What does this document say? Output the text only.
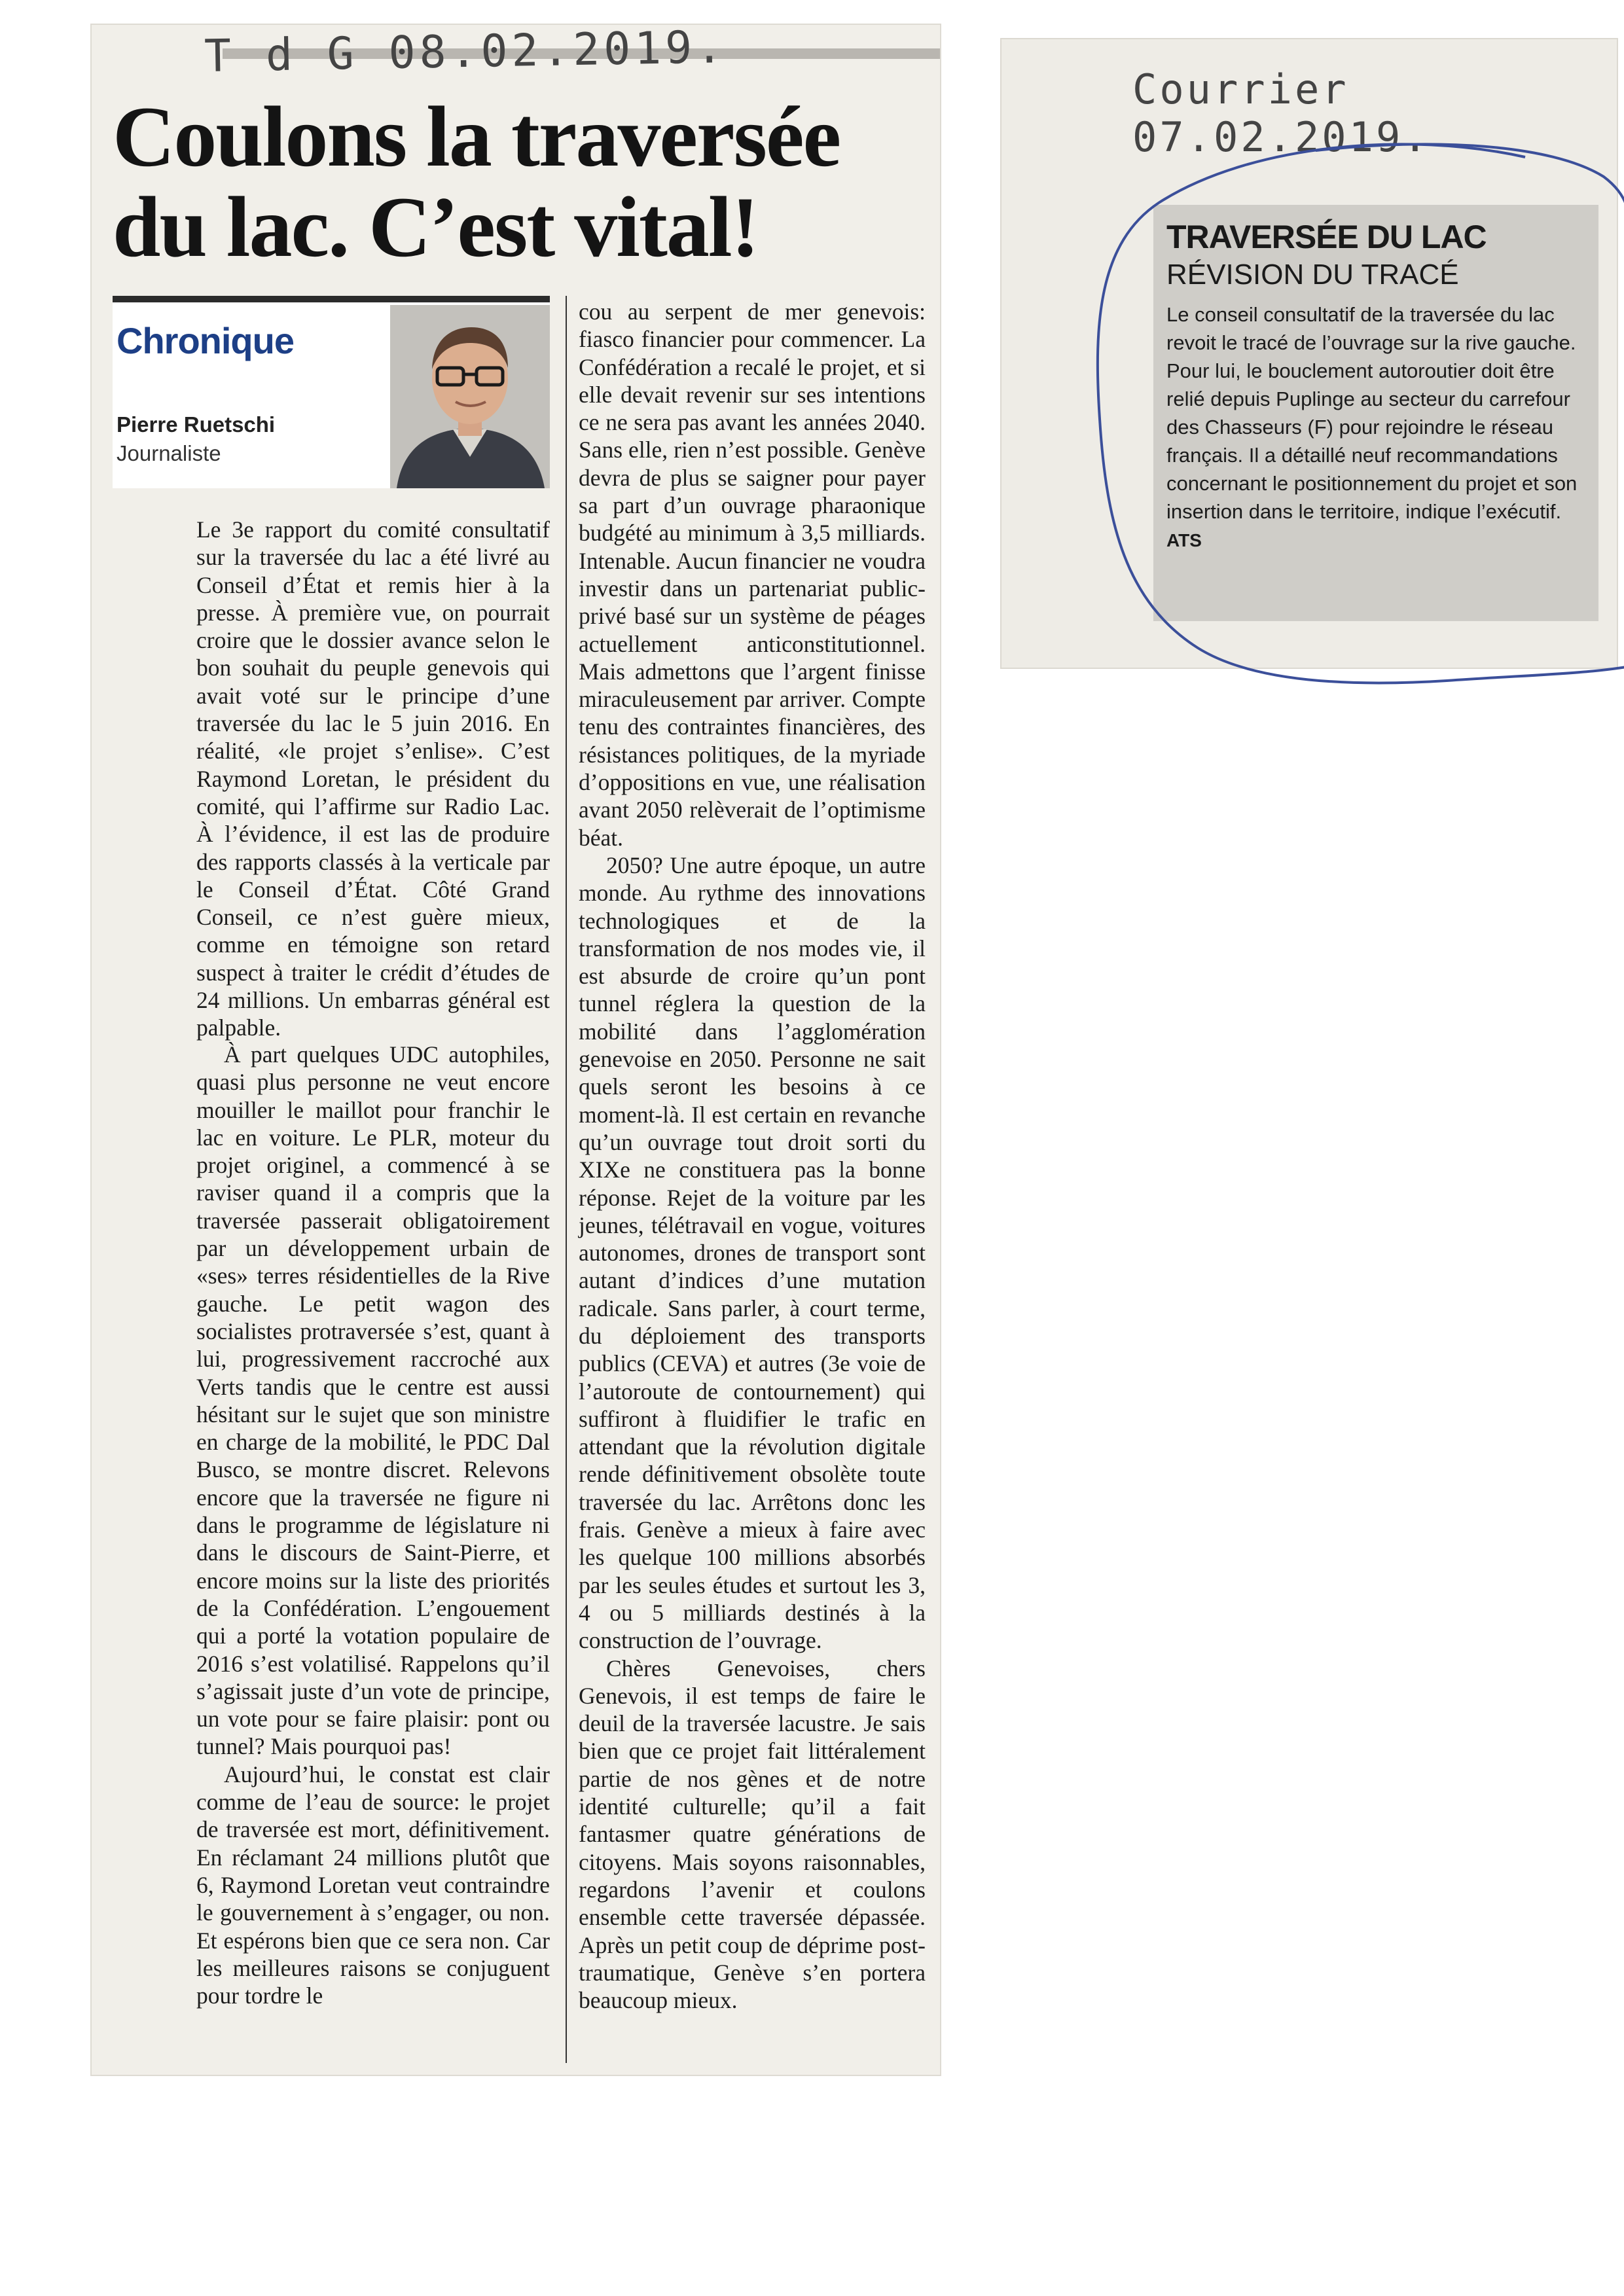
T d G 08.02.2019.
Coulons la traversée du lac. C’est vital!
Chronique
Pierre Ruetschi
Journaliste

Le 3e rapport du comité consultatif sur la traversée du lac a été livré au Conseil d’État et remis hier à la presse. À première vue, on pourrait croire que le dossier avance selon le bon souhait du peuple genevois qui avait voté sur le principe d’une traversée du lac le 5 juin 2016. En réalité, «le projet s’enlise». C’est Raymond Loretan, le président du comité, qui l’affirme sur Radio Lac. À l’évidence, il est las de produire des rapports classés à la verticale par le Conseil d’État. Côté Grand Conseil, ce n’est guère mieux, comme en témoigne son retard suspect à traiter le crédit d’études de 24 millions. Un embarras général est palpable.

À part quelques UDC autophiles, quasi plus personne ne veut encore mouiller le maillot pour franchir le lac en voiture. Le PLR, moteur du projet originel, a commencé à se raviser quand il a compris que la traversée passerait obligatoirement par un développement urbain de «ses» terres résidentielles de la Rive gauche. Le petit wagon des socialistes protraversée s’est, quant à lui, progressivement raccroché aux Verts tandis que le centre est aussi hésitant sur le sujet que son ministre en charge de la mobilité, le PDC Dal Busco, se montre discret. Relevons encore que la traversée ne figure ni dans le programme de législature ni dans le discours de Saint-Pierre, et encore moins sur la liste des priorités de la Confédération. L’engouement qui a porté la votation populaire de 2016 s’est volatilisé. Rappelons qu’il s’agissait juste d’un vote de principe, un vote pour se faire plaisir: pont ou tunnel? Mais pourquoi pas!

Aujourd’hui, le constat est clair comme de l’eau de source: le projet de traversée est mort, définitivement. En réclamant 24 millions plutôt que 6, Raymond Loretan veut contraindre le gouvernement à s’engager, ou non. Et espérons bien que ce sera non. Car les meilleures raisons se conjuguent pour tordre le

cou au serpent de mer genevois: fiasco financier pour commencer. La Confédération a recalé le projet, et si elle devait revenir sur ses intentions ce ne sera pas avant les années 2040. Sans elle, rien n’est possible. Genève devra de plus se saigner pour payer sa part d’un ouvrage pharaonique budgété au minimum à 3,5 milliards. Intenable. Aucun financier ne voudra investir dans un partenariat public-privé basé sur un système de péages actuellement anticonstitutionnel. Mais admettons que l’argent finisse miraculeusement par arriver. Compte tenu des contraintes financières, des résistances politiques, de la myriade d’oppositions en vue, une réalisation avant 2050 relèverait de l’optimisme béat.

2050? Une autre époque, un autre monde. Au rythme des innovations technologiques et de la transformation de nos modes vie, il est absurde de croire qu’un pont tunnel réglera la question de la mobilité dans l’agglomération genevoise en 2050. Personne ne sait quels seront les besoins à ce moment-là. Il est certain en revanche qu’un ouvrage tout droit sorti du XIXe ne constituera pas la bonne réponse. Rejet de la voiture par les jeunes, télétravail en vogue, voitures autonomes, drones de transport sont autant d’indices d’une mutation radicale. Sans parler, à court terme, du déploiement des transports publics (CEVA) et autres (3e voie de l’autoroute de contournement) qui suffiront à fluidifier le trafic en attendant que la révolution digitale rende définitivement obsolète toute traversée du lac. Arrêtons donc les frais. Genève a mieux à faire avec les quelque 100 millions absorbés par les seules études et surtout les 3, 4 ou 5 milliards destinés à la construction de l’ouvrage.

Chères Genevoises, chers Genevois, il est temps de faire le deuil de la traversée lacustre. Je sais bien que ce projet fait littéralement partie de nos gènes et de notre identité culturelle; qu’il a fait fantasmer quatre générations de citoyens. Mais soyons raisonnables, regardons l’avenir et coulons ensemble cette traversée dépassée. Après un petit coup de déprime post-traumatique, Genève s’en portera beaucoup mieux.

Courrier 07.02.2019.
TRAVERSÉE DU LAC
RÉVISION DU TRACÉ

Le conseil consultatif de la traversée du lac revoit le tracé de l’ouvrage sur la rive gauche. Pour lui, le bouclement autoroutier doit être relié depuis Puplinge au secteur du carrefour des Chasseurs (F) pour rejoindre le réseau français. Il a détaillé neuf recommandations concernant le positionnement du projet et son insertion dans le territoire, indique l’exécutif. ATS
